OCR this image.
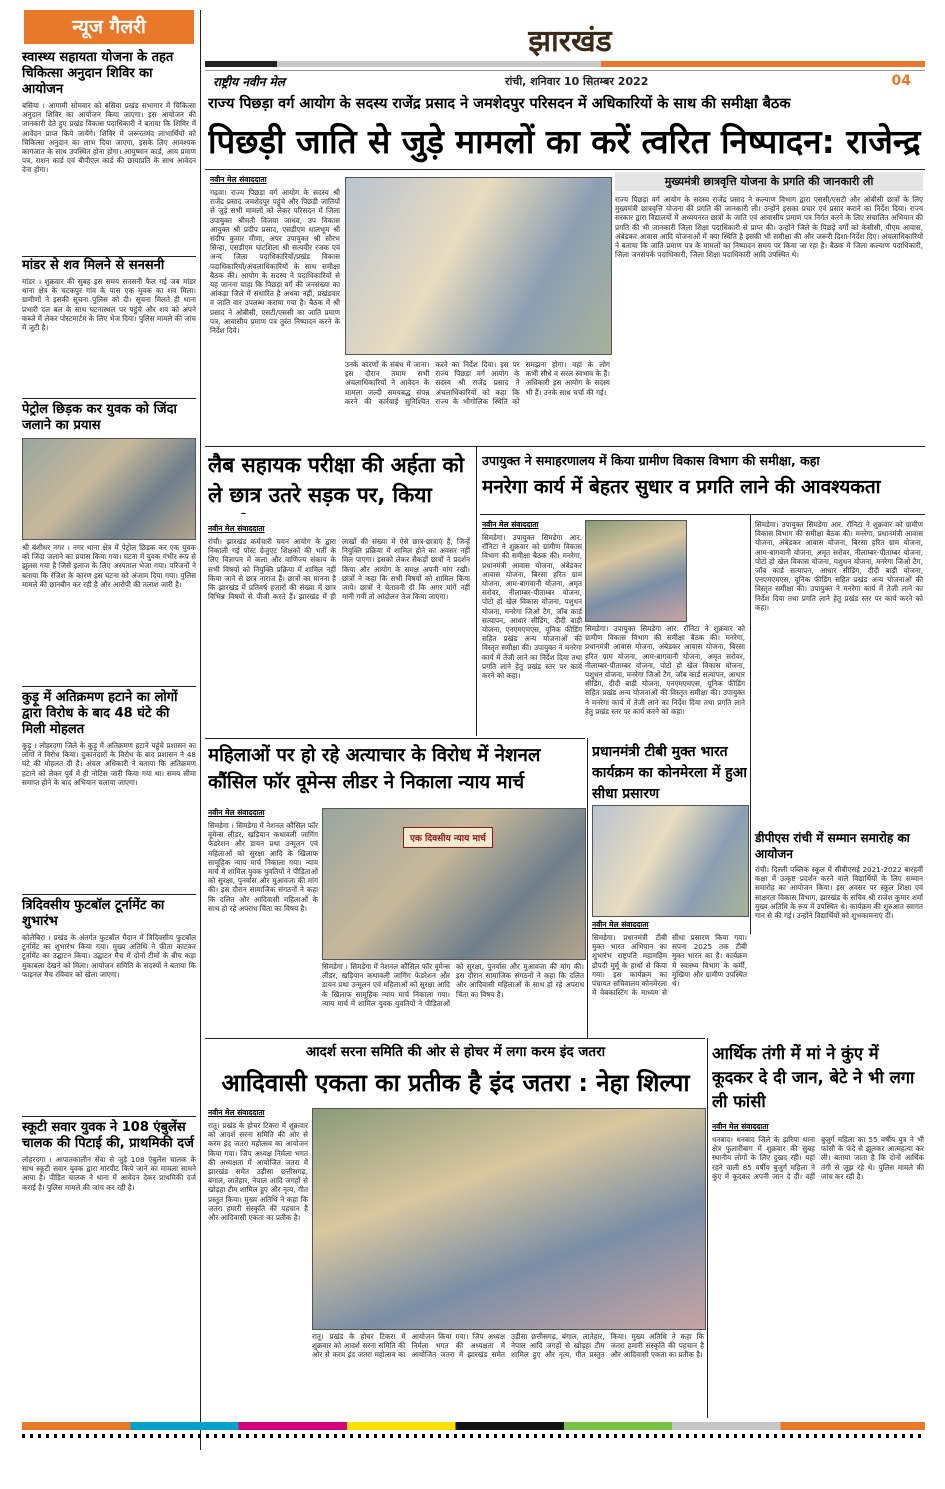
झारखंड
राष्ट्रीय नवीन मेल	रांची, शनिवार 10 सितम्बर 2022	04
न्यूज गैलरी
स्वास्थ्य सहायता योजना के तहत चिकित्सा अनुदान शिविर का आयोजन
बसिया । आगामी सोमवार को बसिया प्रखंड सभागार में चिकित्सा अनुदान शिविर का आयोजन किया जाएगा। इस आयोजन की जानकारी देते हुए प्रखंड विकास पदाधिकारी ने बताया कि शिविर में आवेदन प्राप्त किये जायेंगे। शिविर में जरूरतमंद लाभार्थियों को चिकित्सा अनुदान का लाभ दिया जाएगा, इसके लिए आवश्यक कागजात के साथ उपस्थित होना होगा। आयुष्मान कार्ड, आय प्रमाण पत्र, राशन कार्ड एवं बीपीएल कार्ड की छायाप्रति के साथ आवेदन देना होगा।
मांडर से शव मिलने से सनसनी
मांडर । शुक्रवार की सुबह इस समय सनसनी फैल गई जब मांडर थाना क्षेत्र के चटकपुर गांव के पास एक युवक का शव मिला। ग्रामीणों ने इसकी सूचना पुलिस को दी। सूचना मिलते ही थाना प्रभारी दल बल के साथ घटनास्थल पर पहुंचे और शव को अपने कब्जे में लेकर पोस्टमार्टम के लिए भेज दिया। पुलिस मामले की जांच में जुटी है।
पेट्रोल छिड़क कर युवक को जिंदा जलाने का प्रयास
श्री बंशीधर नगर । नगर थाना क्षेत्र में पेट्रोल छिड़क कर एक युवक को जिंदा जलाने का प्रयास किया गया। घटना में युवक गंभीर रूप से झुलस गया है जिसे इलाज के लिए अस्पताल भेजा गया। परिजनों ने बताया कि रंजिश के कारण इस घटना को अंजाम दिया गया। पुलिस मामले की छानबीन कर रही है और आरोपी की तलाश जारी है।
कुड़ू में अतिक्रमण हटाने का लोगों द्वारा विरोध के बाद 48 घंटे की मिली मोहलत
कुड़ू । लोहरदगा जिले के कुड़ू में अतिक्रमण हटाने पहुंचे प्रशासन का लोगों ने विरोध किया। दुकानदारों के विरोध के बाद प्रशासन ने 48 घंटे की मोहलत दी है। अंचल अधिकारी ने बताया कि अतिक्रमण हटाने को लेकर पूर्व में ही नोटिस जारी किया गया था। समय सीमा समाप्त होने के बाद अभियान चलाया जाएगा।
त्रिदिवसीय फुटबॉल टूर्नामेंट का शुभारंभ
कोलेबिरा । प्रखंड के अंतर्गत फुटबॉल मैदान में त्रिदिवसीय फुटबॉल टूर्नामेंट का शुभारंभ किया गया। मुख्य अतिथि ने फीता काटकर टूर्नामेंट का उद्घाटन किया। उद्घाटन मैच में दोनों टीमों के बीच कड़ा मुकाबला देखने को मिला। आयोजन समिति के सदस्यों ने बताया कि फाइनल मैच रविवार को खेला जाएगा।
स्कूटी सवार युवक ने 108 एंबुलेंस चालक की पिटाई की, प्राथमिकी दर्ज
लोहरदगा । आपातकालीन सेवा से जुड़े 108 एंबुलेंस चालक के साथ स्कूटी सवार युवक द्वारा मारपीट किये जाने का मामला सामने आया है। पीड़ित चालक ने थाना में आवेदन देकर प्राथमिकी दर्ज कराई है। पुलिस मामले की जांच कर रही है।
राज्य पिछड़ा वर्ग आयोग के सदस्य राजेंद्र प्रसाद ने जमशेदपुर परिसदन में अधिकारियों के साथ की समीक्षा बैठक
पिछड़ी जाति से जुड़े मामलों का करें त्वरित निष्पादन: राजेन्द्र
नवीन मेल संवाददाता
गढ़वा। राज्य पिछड़ा वर्ग आयोग के सदस्य श्री राजेंद्र प्रसाद जमशेदपुर पहुंचे और पिछड़ी जातियों से जुड़े सभी मामलों को लेकर परिसदन में जिला उपायुक्त श्रीमती विजया जाधव, उप विकास आयुक्त श्री प्रदीप प्रसाद, एसडीएम धालभूम श्री संदीप कुमार मीणा, अपर उपायुक्त श्री सौरभ सिन्हा, एसडीएम घाटशिला श्री सत्यवीर रजक एवं अन्य जिला पदाधिकारियों/प्रखंड विकास पदाधिकारियों/अंचलाधिकारियों के साथ समीक्षा बैठक की। आयोग के सदस्य ने पदाधिकारियों से यह जानना चाहा कि पिछड़ा वर्ग की जनसंख्या का आंकड़ा जिले में संधारित है अथवा नहीं, प्रखंडवार व जाति वार उपलब्ध कराया गया है। बैठक में श्री प्रसाद ने ओबीसी, एसटी/एससी का जाति प्रमाण पत्र, आवासीय प्रमाण पत्र तुरंत निष्पादन करने के निर्देश दिये।
उनके कारणों के संबंध में जाना। इस दौरान तमाम सभी अंचलाधिकारियों ने आवेदन के मामला जल्दी समयबद्ध संपन्न करने की कार्रवाई सुनिश्चित करने का निर्देश दिया। इस पर राज्य पिछड़ा वर्ग आयोग के सदस्य श्री राजेंद्र प्रसाद ने अंचलाधिकारियों को कहा कि राज्य के भौगोलिक स्थिति को समझना होगा। वहां के लोग कभी सीधे व सरल स्वभाव के हैं। अधिकारी इस आयोग के सदस्य भी हैं। उनके साथ चर्चा की गई।
मुख्यमंत्री छात्रवृत्ति योजना के प्रगति की जानकारी ली
राज्य पिछड़ा वर्ग आयोग के सदस्य राजेंद्र प्रसाद ने कल्याण विभाग द्वारा एससी/एसटी और ओबीसी छात्रों के लिए मुख्यमंत्री छात्रवृत्ति योजना की प्रगति की जानकारी ली। उन्होंने इसका प्रचार एवं प्रसार कराने का निर्देश दिया। राज्य सरकार द्वारा विद्यालयों में अध्ययनरत छात्रों के जाति एवं आवासीय प्रमाण पत्र निर्गत करने के लिए संचालित अभियान की प्रगति की भी जानकारी जिला शिक्षा पदाधिकारी से प्राप्त की। उन्होंने जिले के पिछड़े वर्गों को केसीसी, पीएम आवास, अंबेडकर आवास आदि योजनाओं में क्या स्थिति है इसकी भी समीक्षा की और जरूरी दिशा-निर्देश दिए। अंचलाधिकारियों ने बताया कि जाति प्रमाण पत्र के मामलों का निष्पादन समय पर किया जा रहा है। बैठक में जिला कल्याण पदाधिकारी, जिला जनसंपर्क पदाधिकारी, जिला शिक्षा पदाधिकारी आदि उपस्थित थे।
लैब सहायक परीक्षा की अर्हता को ले छात्र उतरे सड़क पर, किया
नवीन मेल संवाददाता
रांची। झारखंड कर्मचारी चयन आयोग के द्वारा निकाली गई पोस्ट ग्रेजुएट शिक्षकों की भर्ती के लिए विज्ञापन में कला और वाणिज्य संकाय के सभी विषयों को नियुक्ति प्रक्रिया में शामिल नहीं किया जाने से छात्र नाराज हैं। छात्रों का मानना है कि झारखंड में प्रतिवर्ष हजारों की संख्या में छात्र विभिन्न विषयों से पीजी करते हैं। झारखंड में ही लाखों की संख्या में ऐसे छात्र-छात्राएं हैं, जिन्हें नियुक्ति प्रक्रिया में शामिल होने का अवसर नहीं मिल पाएगा। इसको लेकर सैकड़ों छात्रों ने प्रदर्शन किया और आयोग के समक्ष अपनी मांग रखी। छात्रों ने कहा कि सभी विषयों को शामिल किया जाये। छात्रों ने चेतावनी दी कि अगर मांगें नहीं मानी गयीं तो आंदोलन तेज किया जाएगा।
उपायुक्त ने समाहरणालय में किया ग्रामीण विकास विभाग की समीक्षा, कहा
मनरेगा कार्य में बेहतर सुधार व प्रगति लाने की आवश्यकता
नवीन मेल संवाददाता
सिमडेगा। उपायुक्त सिमडेगा आर. रॉनिटा ने शुक्रवार को ग्रामीण विकास विभाग की समीक्षा बैठक की। मनरेगा, प्रधानमंत्री आवास योजना, अंबेडकर आवास योजना, बिरसा हरित ग्राम योजना, आम-बागवानी योजना, अमृत सरोवर, नीलाम्बर-पीताम्बर योजना, पोटो हो खेल विकास योजना, पशुधन योजना, मनरेगा जिओ टैग, जॉब कार्ड सत्यापन, आधार सीडिंग, दीदी बाड़ी योजना, एनएमएमएस, यूनिक फीडिंग सहित प्रखंड अन्य योजनाओं की विस्तृत समीक्षा की। उपायुक्त ने मनरेगा कार्य में तेजी लाने का निर्देश दिया तथा प्रगति लाने हेतु प्रखंड स्तर पर कार्य करने को कहा।
सिमडेगा। उपायुक्त सिमडेगा आर. रॉनिटा ने शुक्रवार को ग्रामीण विकास विभाग की समीक्षा बैठक की। मनरेगा, प्रधानमंत्री आवास योजना, अंबेडकर आवास योजना, बिरसा हरित ग्राम योजना, आम-बागवानी योजना, अमृत सरोवर, नीलाम्बर-पीताम्बर योजना, पोटो हो खेल विकास योजना, पशुधन योजना, मनरेगा जिओ टैग, जॉब कार्ड सत्यापन, आधार सीडिंग, दीदी बाड़ी योजना, एनएमएमएस, यूनिक फीडिंग सहित प्रखंड अन्य योजनाओं की विस्तृत समीक्षा की। उपायुक्त ने मनरेगा कार्य में तेजी लाने का निर्देश दिया तथा प्रगति लाने हेतु प्रखंड स्तर पर कार्य करने को कहा।
डीपीएस रांची में सम्मान समारोह का आयोजन
रांची। दिल्ली पब्लिक स्कूल में सीबीएसई 2021-2022 बारहवीं कक्षा में उत्कृष्ट प्रदर्शन करने वाले विद्यार्थियों के लिए सम्मान समारोह का आयोजन किया। इस अवसर पर स्कूल शिक्षा एवं साक्षरता विकास विभाग, झारखंड के सचिव श्री राजेश कुमार शर्मा मुख्य अतिथि के रूप में उपस्थित थे। कार्यक्रम की शुरुआत स्वागत गान से की गई। उन्होंने विद्यार्थियों को शुभकामनाएं दीं।
सिमडेगा। उपायुक्त सिमडेगा आर. रॉनिटा ने शुक्रवार को ग्रामीण विकास विभाग की समीक्षा बैठक की। मनरेगा, प्रधानमंत्री आवास योजना, अंबेडकर आवास योजना, बिरसा हरित ग्राम योजना, आम-बागवानी योजना, अमृत सरोवर, नीलाम्बर-पीताम्बर योजना, पोटो हो खेल विकास योजना, पशुधन योजना, मनरेगा जिओ टैग, जॉब कार्ड सत्यापन, आधार सीडिंग, दीदी बाड़ी योजना, एनएमएमएस, यूनिक फीडिंग सहित प्रखंड अन्य योजनाओं की विस्तृत समीक्षा की। उपायुक्त ने मनरेगा कार्य में तेजी लाने का निर्देश दिया तथा प्रगति लाने हेतु प्रखंड स्तर पर कार्य करने को कहा।
महिलाओं पर हो रहे अत्याचार के विरोध में नेशनल कौंसिल फॉर वूमेन्स लीडर ने निकाला न्याय मार्च
नवीन मेल संवाददाता
सिमडेगा । सिमडेगा में नेशनल कौंसिल फॉर वूमेन्स लीडर, खड़ियान कथावली जागिंग फेडरेशन और डायन प्रथा उन्मूलन एवं महिलाओं को सुरक्षा आदि के खिलाफ सामूहिक न्याय मार्च निकाला गया। न्याय मार्च में शामिल युवक युवतियों ने पीड़िताओं को सुरक्षा, पुनर्वास और मुआवजा की मांग की। इस दौरान सामाजिक संगठनों ने कहा कि दलित और आदिवासी महिलाओं के साथ हो रहे अपराध चिंता का विषय है।
एक दिवसीय न्याय मार्च
सिमडेगा । सिमडेगा में नेशनल कौंसिल फॉर वूमेन्स लीडर, खड़ियान कथावली जागिंग फेडरेशन और डायन प्रथा उन्मूलन एवं महिलाओं को सुरक्षा आदि के खिलाफ सामूहिक न्याय मार्च निकाला गया। न्याय मार्च में शामिल युवक युवतियों ने पीड़िताओं को सुरक्षा, पुनर्वास और मुआवजा की मांग की। इस दौरान सामाजिक संगठनों ने कहा कि दलित और आदिवासी महिलाओं के साथ हो रहे अपराध चिंता का विषय है।
प्रधानमंत्री टीबी मुक्त भारत कार्यक्रम का कोनमेरला में हुआ सीधा प्रसारण
नवीन मेल संवाददाता
सिमडेगा। प्रधानमंत्री टीबी मुक्त भारत अभियान का शुभारंभ राष्ट्रपति महामहिम द्रौपदी मुर्मू के हाथों से किया गया। इस कार्यक्रम का पंचायत सचिवालय कोनमेरला में वेबकास्टिंग के माध्यम से सीधा प्रसारण किया गया। सपना 2025 तक टीबी मुक्त भारत का है। कार्यक्रम में स्वास्थ्य विभाग के कर्मी, मुखिया और ग्रामीण उपस्थित थे।
आदर्श सरना समिति की ओर से होचर में लगा करम इंद जतरा
आदिवासी एकता का प्रतीक है इंद जतरा : नेहा शिल्पा
नवीन मेल संवाददाता
रातू। प्रखंड के होचर टिकरा में शुक्रवार को आदर्श सरना समिति की ओर से करम इंद जतरा महोत्सव का आयोजन किया गया। जिप अध्यक्ष निर्मला भगत की अध्यक्षता में आयोजित जतरा में झारखंड समेत उड़ीसा छत्तीसगढ़, बंगाल, लातेहार, नेपाल आदि जगहों से खोड़हा टीम शामिल हुए और नृत्य, गीत प्रस्तुत किया। मुख्य अतिथि ने कहा कि जतरा हमारी संस्कृति की पहचान है और आदिवासी एकता का प्रतीक है।
रातू। प्रखंड के होचर टिकरा में शुक्रवार को आदर्श सरना समिति की ओर से करम इंद जतरा महोत्सव का आयोजन किया गया। जिप अध्यक्ष निर्मला भगत की अध्यक्षता में आयोजित जतरा में झारखंड समेत उड़ीसा छत्तीसगढ़, बंगाल, लातेहार, नेपाल आदि जगहों से खोड़हा टीम शामिल हुए और नृत्य, गीत प्रस्तुत किया। मुख्य अतिथि ने कहा कि जतरा हमारी संस्कृति की पहचान है और आदिवासी एकता का प्रतीक है।
आर्थिक तंगी में मां ने कुंए में कूदकर दे दी जान, बेटे ने भी लगा ली फांसी
नवीन मेल संवाददाता
धनबाद। धनबाद जिले के झरिया थाना क्षेत्र फुलारीबाग में शुक्रवार की सुबह स्थानीय लोगों के लिए दुखद रही। यहां रहने वाली 85 वर्षीय बुजुर्ग महिला ने कुंए में कूदकर अपनी जान दे दी। वहीं बुजुर्ग महिला का 55 वर्षीय पुत्र ने भी फांसी के फंदे से झूलकर आत्महत्या कर ली। बताया जाता है कि दोनों आर्थिक तंगी से जूझ रहे थे। पुलिस मामले की जांच कर रही है।
